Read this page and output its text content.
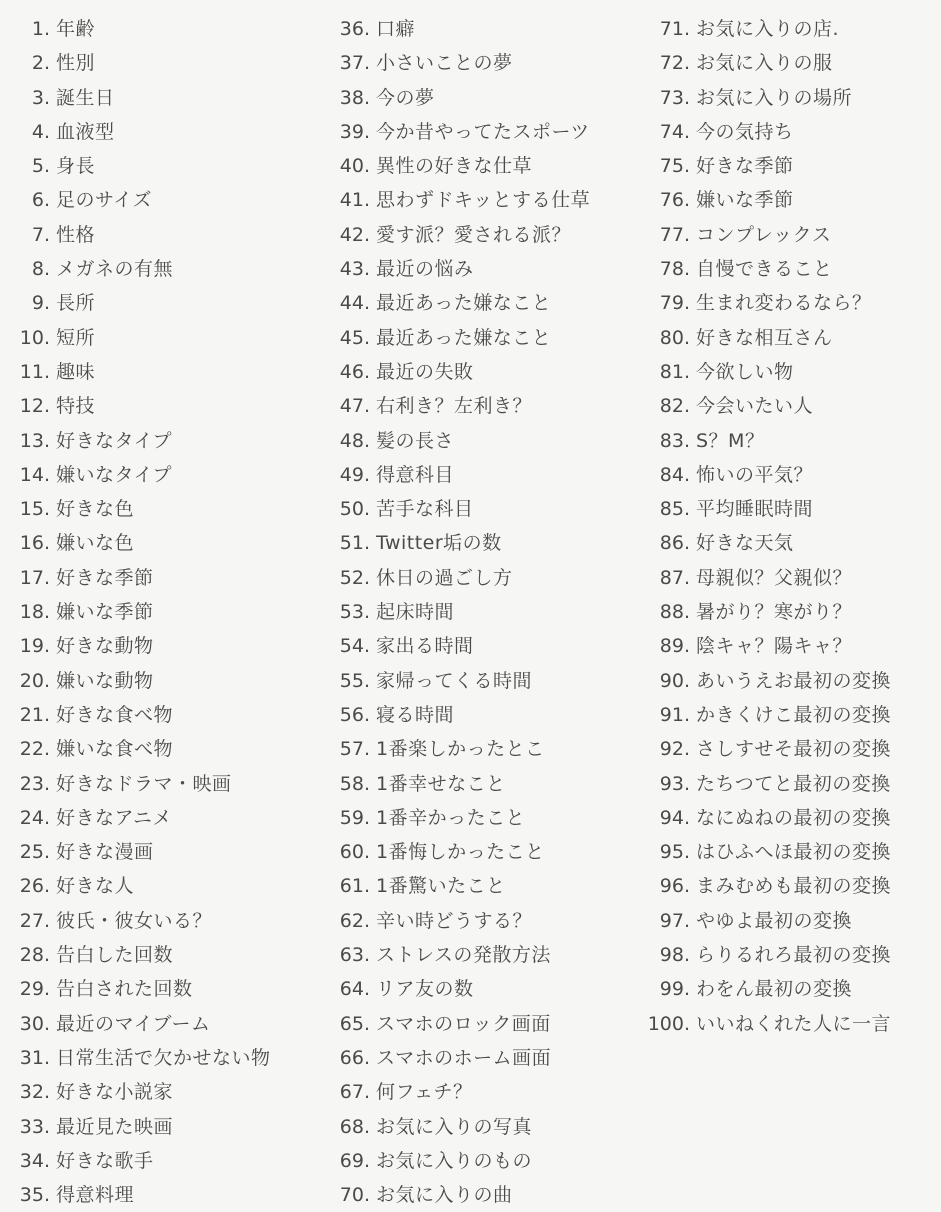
1. 年齢
2. 性別
3. 誕生日
4. 血液型
5. 身長
6. 足のサイズ
7. 性格
8. メガネの有無
9. 長所
10. 短所
11. 趣味
12. 特技
13. 好きなタイプ
14. 嫌いなタイプ
15. 好きな色
16. 嫌いな色
17. 好きな季節
18. 嫌いな季節
19. 好きな動物
20. 嫌いな動物
21. 好きな食べ物
22. 嫌いな食べ物
23. 好きなドラマ・映画
24. 好きなアニメ
25. 好きな漫画
26. 好きな人
27. 彼氏・彼女いる？
28. 告白した回数
29. 告白された回数
30. 最近のマイブーム
31. 日常生活で欠かせない物
32. 好きな小説家
33. 最近見た映画
34. 好きな歌手
35. 得意料理
36. 口癖
37. 小さいことの夢
38. 今の夢
39. 今か昔やってたスポーツ
40. 異性の好きな仕草
41. 思わずドキッとする仕草
42. 愛す派？愛される派？
43. 最近の悩み
44. 最近あった嫌なこと
45. 最近あった嫌なこと
46. 最近の失敗
47. 右利き？左利き？
48. 髪の長さ
49. 得意科目
50. 苦手な科目
51. Twitter垢の数
52. 休日の過ごし方
53. 起床時間
54. 家出る時間
55. 家帰ってくる時間
56. 寝る時間
57. 1番楽しかったとこ
58. 1番幸せなこと
59. 1番辛かったこと
60. 1番悔しかったこと
61. 1番驚いたこと
62. 辛い時どうする？
63. ストレスの発散方法
64. リア友の数
65. スマホのロック画面
66. スマホのホーム画面
67. 何フェチ？
68. お気に入りの写真
69. お気に入りのもの
70. お気に入りの曲
71. お気に入りの店.
72. お気に入りの服
73. お気に入りの場所
74. 今の気持ち
75. 好きな季節
76. 嫌いな季節
77. コンプレックス
78. 自慢できること
79. 生まれ変わるなら？
80. 好きな相互さん
81. 今欲しい物
82. 今会いたい人
83. S？M？
84. 怖いの平気？
85. 平均睡眠時間
86. 好きな天気
87. 母親似？父親似？
88. 暑がり？寒がり？
89. 陰キャ？陽キャ？
90. あいうえお最初の変換
91. かきくけこ最初の変換
92. さしすせそ最初の変換
93. たちつてと最初の変換
94. なにぬねの最初の変換
95. はひふへほ最初の変換
96. まみむめも最初の変換
97. やゆよ最初の変換
98. らりるれろ最初の変換
99. わをん最初の変換
100. いいねくれた人に一言
